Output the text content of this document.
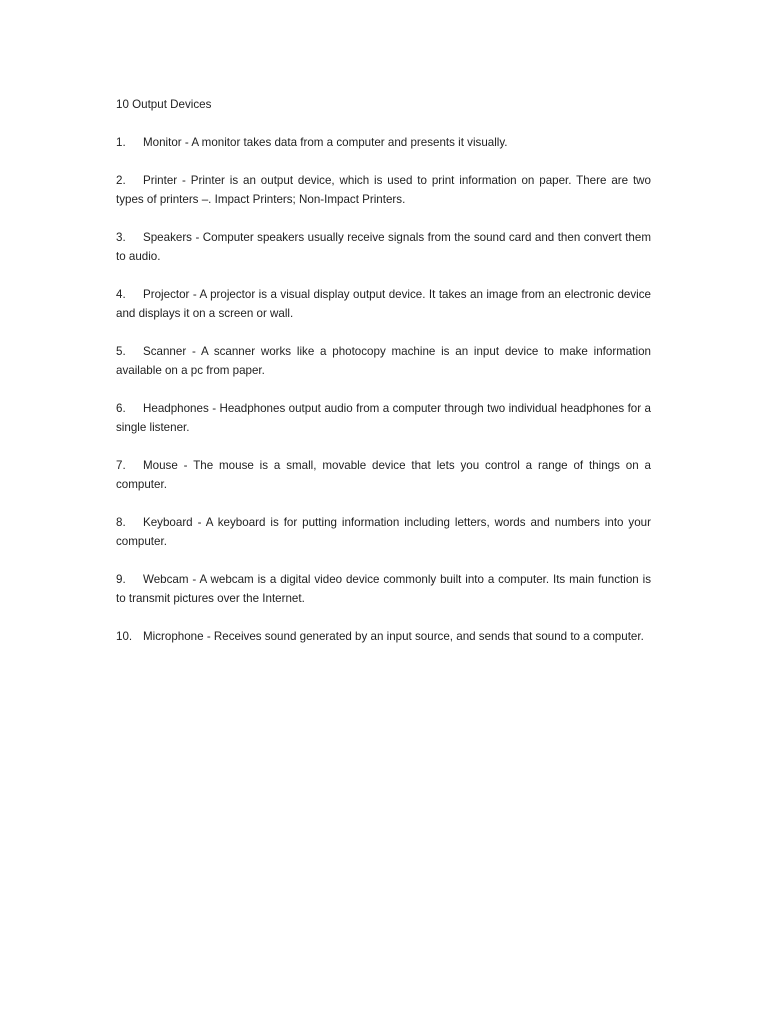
10 Output Devices

1. Monitor - A monitor takes data from a computer and presents it visually.

2. Printer - Printer is an output device, which is used to print information on paper. There are two types of printers –. Impact Printers; Non-Impact Printers.

3. Speakers - Computer speakers usually receive signals from the sound card and then convert them to audio.

4. Projector - A projector is a visual display output device. It takes an image from an electronic device and displays it on a screen or wall.

5. Scanner - A scanner works like a photocopy machine is an input device to make information available on a pc from paper.

6. Headphones - Headphones output audio from a computer through two individual headphones for a single listener.

7. Mouse - The mouse is a small, movable device that lets you control a range of things on a computer.

8. Keyboard - A keyboard is for putting information including letters, words and numbers into your computer.

9. Webcam - A webcam is a digital video device commonly built into a computer. Its main function is to transmit pictures over the Internet.

10. Microphone - Receives sound generated by an input source, and sends that sound to a computer.
